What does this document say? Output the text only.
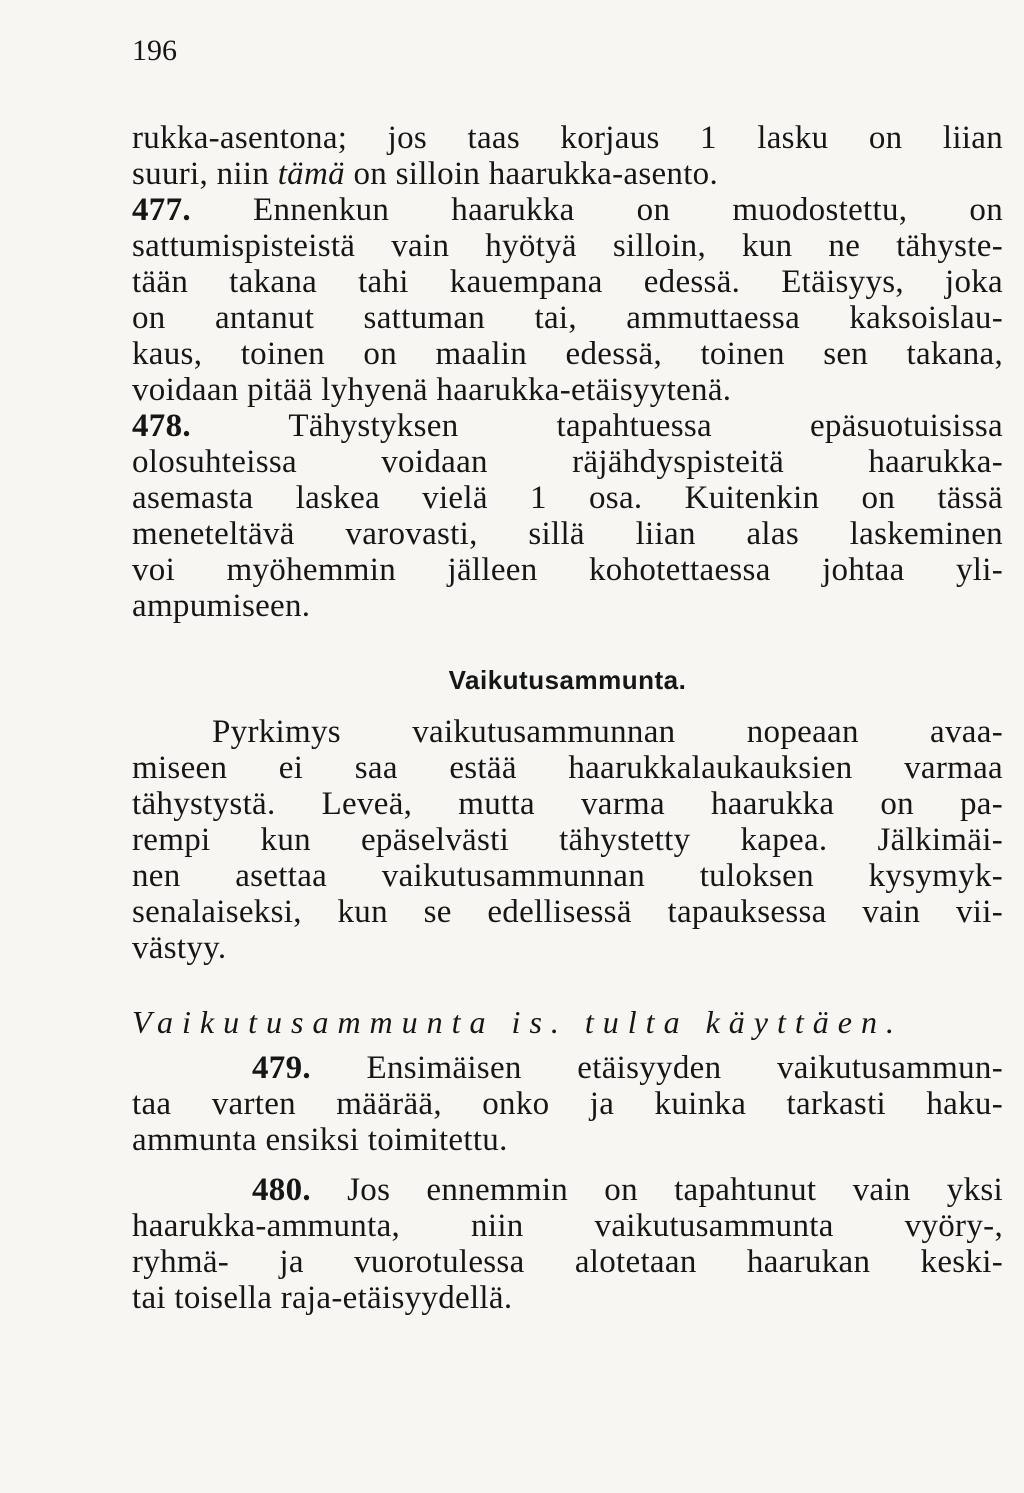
196
rukka-asentona; jos taas korjaus 1 lasku on liian
suuri, niin tämä on silloin haarukka-asento.
477. Ennenkun haarukka on muodostettu, on
sattumispisteistä vain hyötyä silloin, kun ne tähyste-
tään takana tahi kauempana edessä. Etäisyys, joka
on antanut sattuman tai, ammuttaessa kaksoislau-
kaus, toinen on maalin edessä, toinen sen takana,
voidaan pitää lyhyenä haarukka-etäisyytenä.
478.	Tähystyksen tapahtuessa epäsuotuisissa
olosuhteissa voidaan räjähdyspisteitä haarukka-
asemasta laskea vielä 1 osa. Kuitenkin on tässä
meneteltävä varovasti, sillä liian alas laskeminen
voi myöhemmin jälleen kohotettaessa johtaa yli-
ampumiseen.
Vaikutusammunta.
Pyrkimys vaikutusammunnan nopeaan avaa-
miseen ei saa estää haarukkalaukauksien varmaa
tähystystä. Leveä, mutta varma haarukka on pa-
rempi kun epäselvästi tähystetty kapea. Jälkimäi-
nen asettaa vaikutusammunnan tuloksen kysymyk-
senalaiseksi, kun se edellisessä tapauksessa vain vii-
västyy.
Vaikutusammunta is. tulta käyttäen.
479. Ensimäisen etäisyyden vaikutusammun-
taa varten määrää, onko ja kuinka tarkasti haku-
ammunta ensiksi toimitettu.
480. Jos ennemmin on tapahtunut vain yksi
haarukka-ammunta, niin vaikutusammunta vyöry-,
ryhmä- ja vuorotulessa alotetaan haarukan keski-
tai toisella raja-etäisyydellä.
